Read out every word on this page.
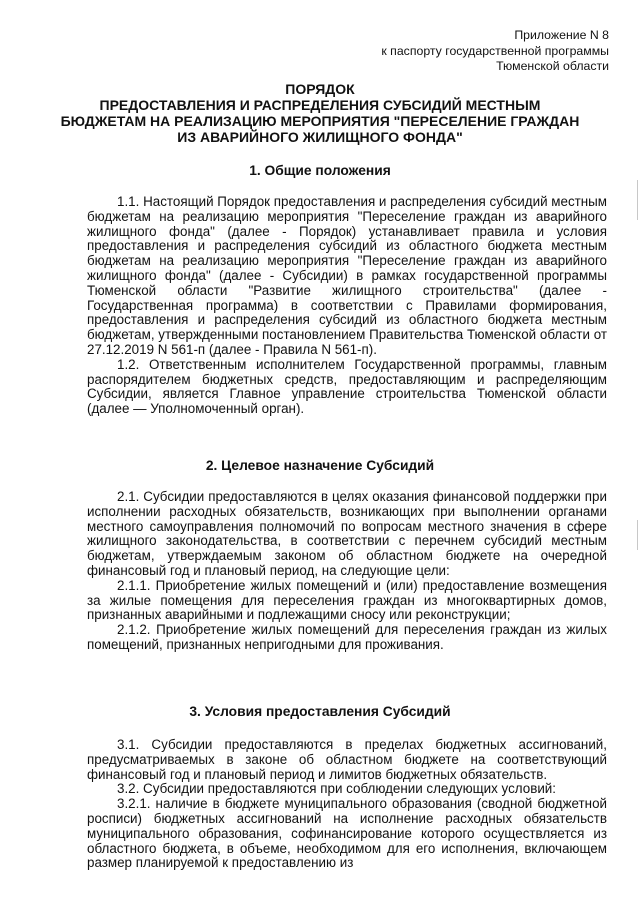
Приложение N 8
к паспорту государственной программы
Тюменской области
ПОРЯДОК
ПРЕДОСТАВЛЕНИЯ И РАСПРЕДЕЛЕНИЯ СУБСИДИЙ МЕСТНЫМ
БЮДЖЕТАМ НА РЕАЛИЗАЦИЮ МЕРОПРИЯТИЯ "ПЕРЕСЕЛЕНИЕ ГРАЖДАН
ИЗ АВАРИЙНОГО ЖИЛИЩНОГО ФОНДА"
1. Общие положения

1.1. Настоящий Порядок предоставления и распределения субсидий местным бюджетам на реализацию мероприятия "Переселение граждан из аварийного жилищного фонда" (далее - Порядок) устанавливает правила и условия предоставления и распределения субсидий из областного бюджета местным бюджетам на реализацию мероприятия "Переселение граждан из аварийного жилищного фонда" (далее - Субсидии) в рамках государственной программы Тюменской области "Развитие жилищного строительства" (далее - Государственная программа) в соответствии с Правилами формирования, предоставления и распределения субсидий из областного бюджета местным бюджетам, утвержденными постановлением Правительства Тюменской области от 27.12.2019 N 561-п (далее - Правила N 561-п).

1.2. Ответственным исполнителем Государственной программы, главным распорядителем бюджетных средств, предоставляющим и распределяющим Субсидии, является Главное управление строительства Тюменской области (далее — Уполномоченный орган).

2. Целевое назначение Субсидий

2.1. Субсидии предоставляются в целях оказания финансовой поддержки при исполнении расходных обязательств, возникающих при выполнении органами местного самоуправления полномочий по вопросам местного значения в сфере жилищного законодательства, в соответствии с перечнем субсидий местным бюджетам, утверждаемым законом об областном бюджете на очередной финансовый год и плановый период, на следующие цели:

2.1.1. Приобретение жилых помещений и (или) предоставление возмещения за жилые помещения для переселения граждан из многоквартирных домов, признанных аварийными и подлежащими сносу или реконструкции;

2.1.2. Приобретение жилых помещений для переселения граждан из жилых помещений, признанных непригодными для проживания.

3. Условия предоставления Субсидий

3.1. Субсидии предоставляются в пределах бюджетных ассигнований, предусматриваемых в законе об областном бюджете на соответствующий финансовый год и плановый период и лимитов бюджетных обязательств.

3.2. Субсидии предоставляются при соблюдении следующих условий:

3.2.1. наличие в бюджете муниципального образования (сводной бюджетной росписи) бюджетных ассигнований на исполнение расходных обязательств муниципального образования, софинансирование которого осуществляется из областного бюджета, в объеме, необходимом для его исполнения, включающем размер планируемой к предоставлению из
